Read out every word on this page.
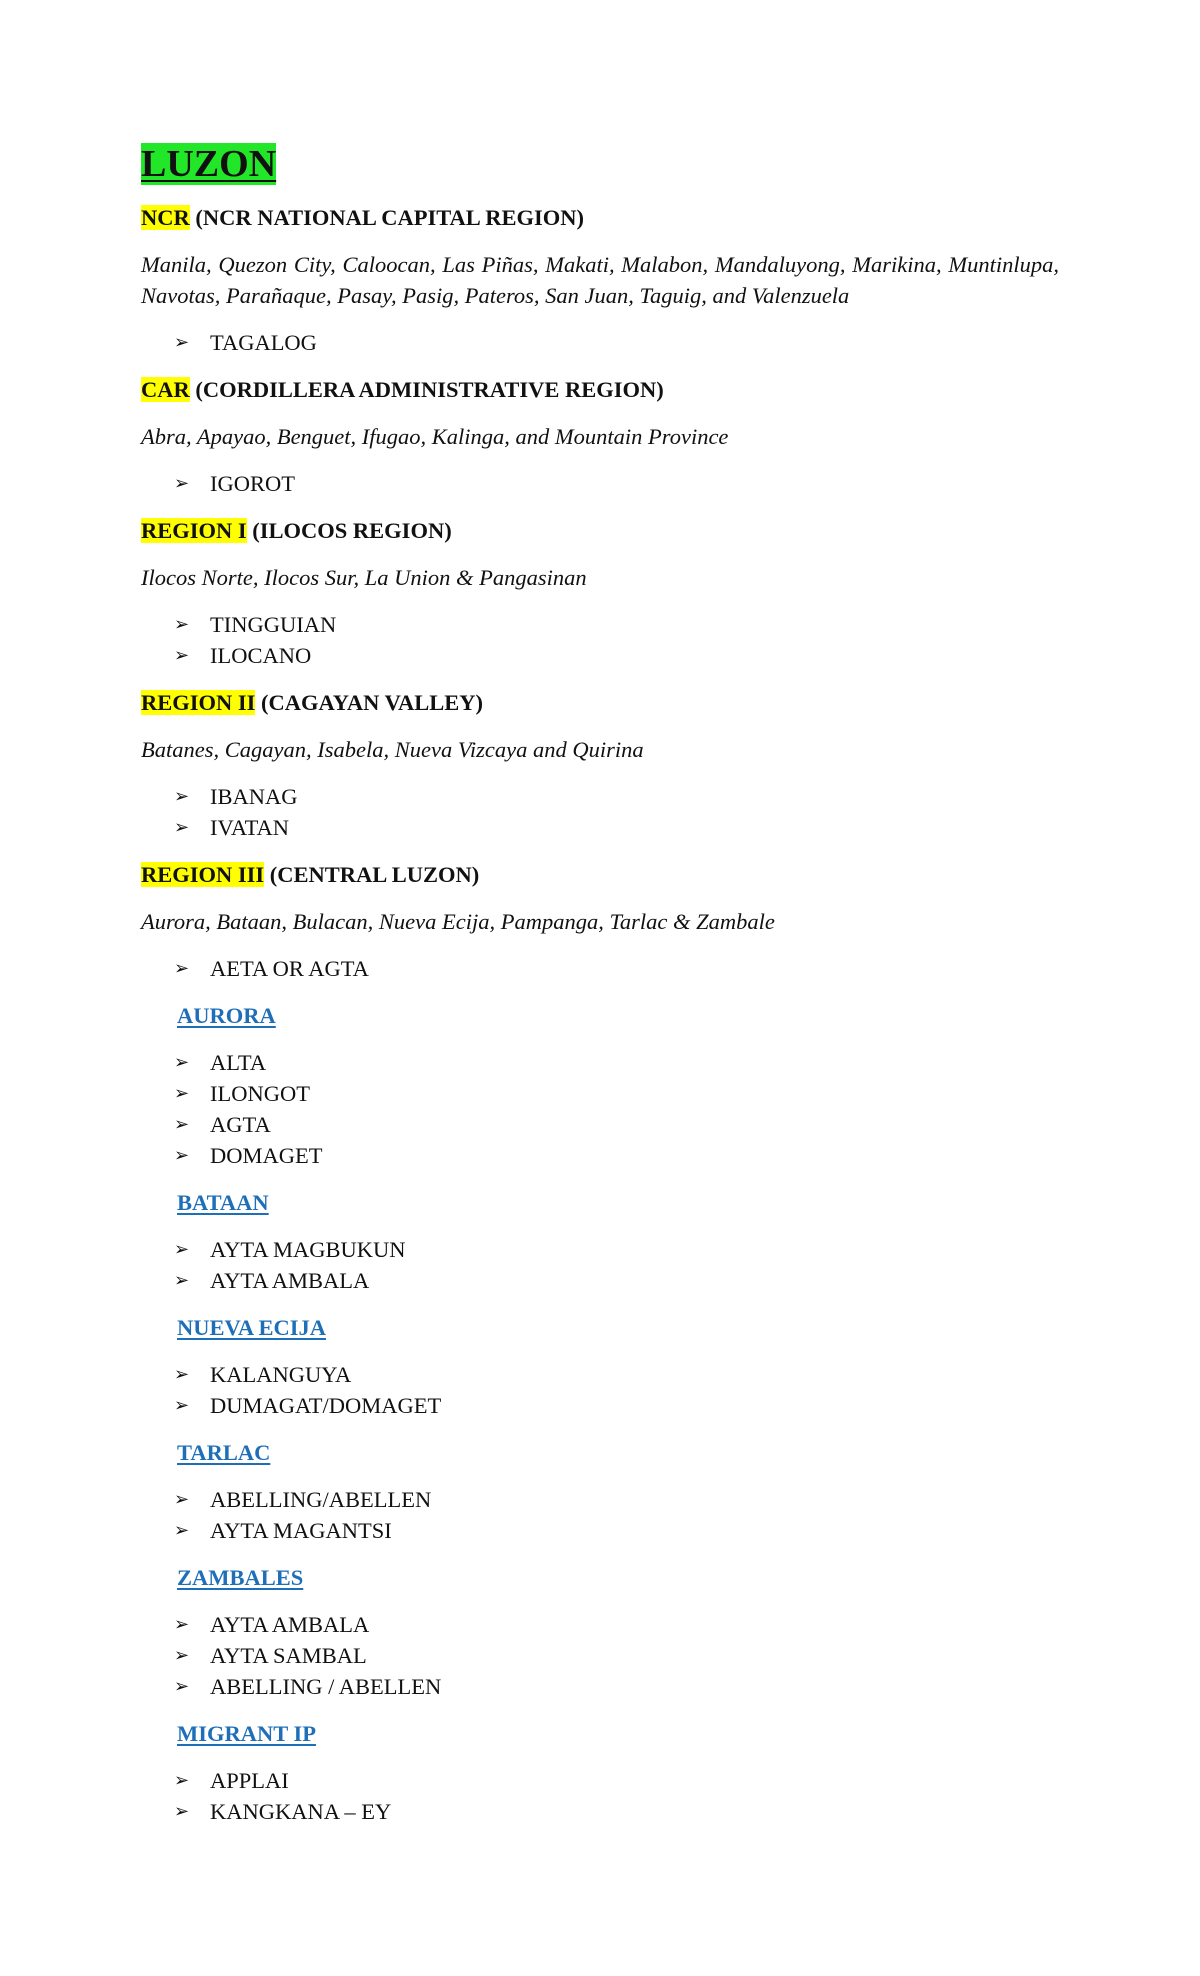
LUZON

NCR (NCR NATIONAL CAPITAL REGION)

Manila, Quezon City, Caloocan, Las Piñas, Makati, Malabon, Mandaluyong, Marikina, Muntinlupa, Navotas, Parañaque, Pasay, Pasig, Pateros, San Juan, Taguig, and Valenzuela

➢ TAGALOG

CAR (CORDILLERA ADMINISTRATIVE REGION)

Abra, Apayao, Benguet, Ifugao, Kalinga, and Mountain Province

➢ IGOROT

REGION I (ILOCOS REGION)

Ilocos Norte, Ilocos Sur, La Union & Pangasinan

➢ TINGGUIAN
➢ ILOCANO

REGION II (CAGAYAN VALLEY)

Batanes, Cagayan, Isabela, Nueva Vizcaya and Quirina

➢ IBANAG
➢ IVATAN

REGION III (CENTRAL LUZON)

Aurora, Bataan, Bulacan, Nueva Ecija, Pampanga, Tarlac & Zambale

➢ AETA OR AGTA
AURORA
➢ ALTA
➢ ILONGOT
➢ AGTA
➢ DOMAGET
BATAAN
➢ AYTA MAGBUKUN
➢ AYTA AMBALA
NUEVA ECIJA
➢ KALANGUYA
➢ DUMAGAT/DOMAGET
TARLAC
➢ ABELLING/ABELLEN
➢ AYTA MAGANTSI
ZAMBALES
➢ AYTA AMBALA
➢ AYTA SAMBAL
➢ ABELLING / ABELLEN
MIGRANT IP
➢ APPLAI
➢ KANGKANA – EY
